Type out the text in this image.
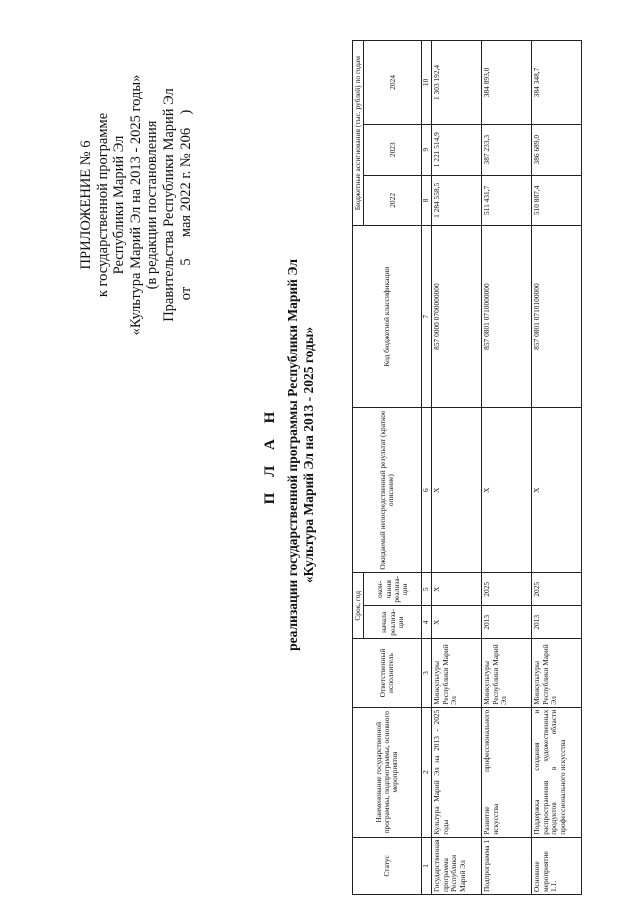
ПРИЛОЖЕНИЕ № 6 к государственной программе Республики Марий Эл «Культура Марий Эл на 2013 - 2025 годы» (в редакции постановления Правительства Республики Марий Эл от  5  мая 2022 г. № 206  )
П Л А Н реализации государственной программы Республики Марий Эл «Культура Марий Эл на 2013 - 2025 годы»
Статус	Наименование государственной программы, подпрограммы, основного мероприятия	Ответственный исполнитель	Срок, год		Ожидаемый непосредственный результат (краткое описание)	Код бюджетной классификации	Бюджетные ассигнования (тыс. рублей) по годам		
			начала реализа-ции	окон-чания реализа-ции			2022	2023	2024
1	2	3	4	5	6	7	8	9	10
Государственная программа Республики Марий Эл	Культура Марий Эл на 2013 - 2025 годы	Минкультуры Республики Марий Эл	X	X	X	857 0000 0700000000	1 284 558,5	1 221 514,9	1 303 192,4
Подпрограмма 1	Развитие профессионального искусства	Минкультуры Республики Марий Эл	2013	2025	X	857 0801 0710000000	511 431,7	387 233,3	384 893,0
Основное мероприятие 1.1.	Поддержка создания и распространения художественных продуктов в области профессионального искусства	Минкультуры Республики Марий Эл	2013	2025	X	857 0801 0710100000	510 887,4	386 689,0	384 348,7
